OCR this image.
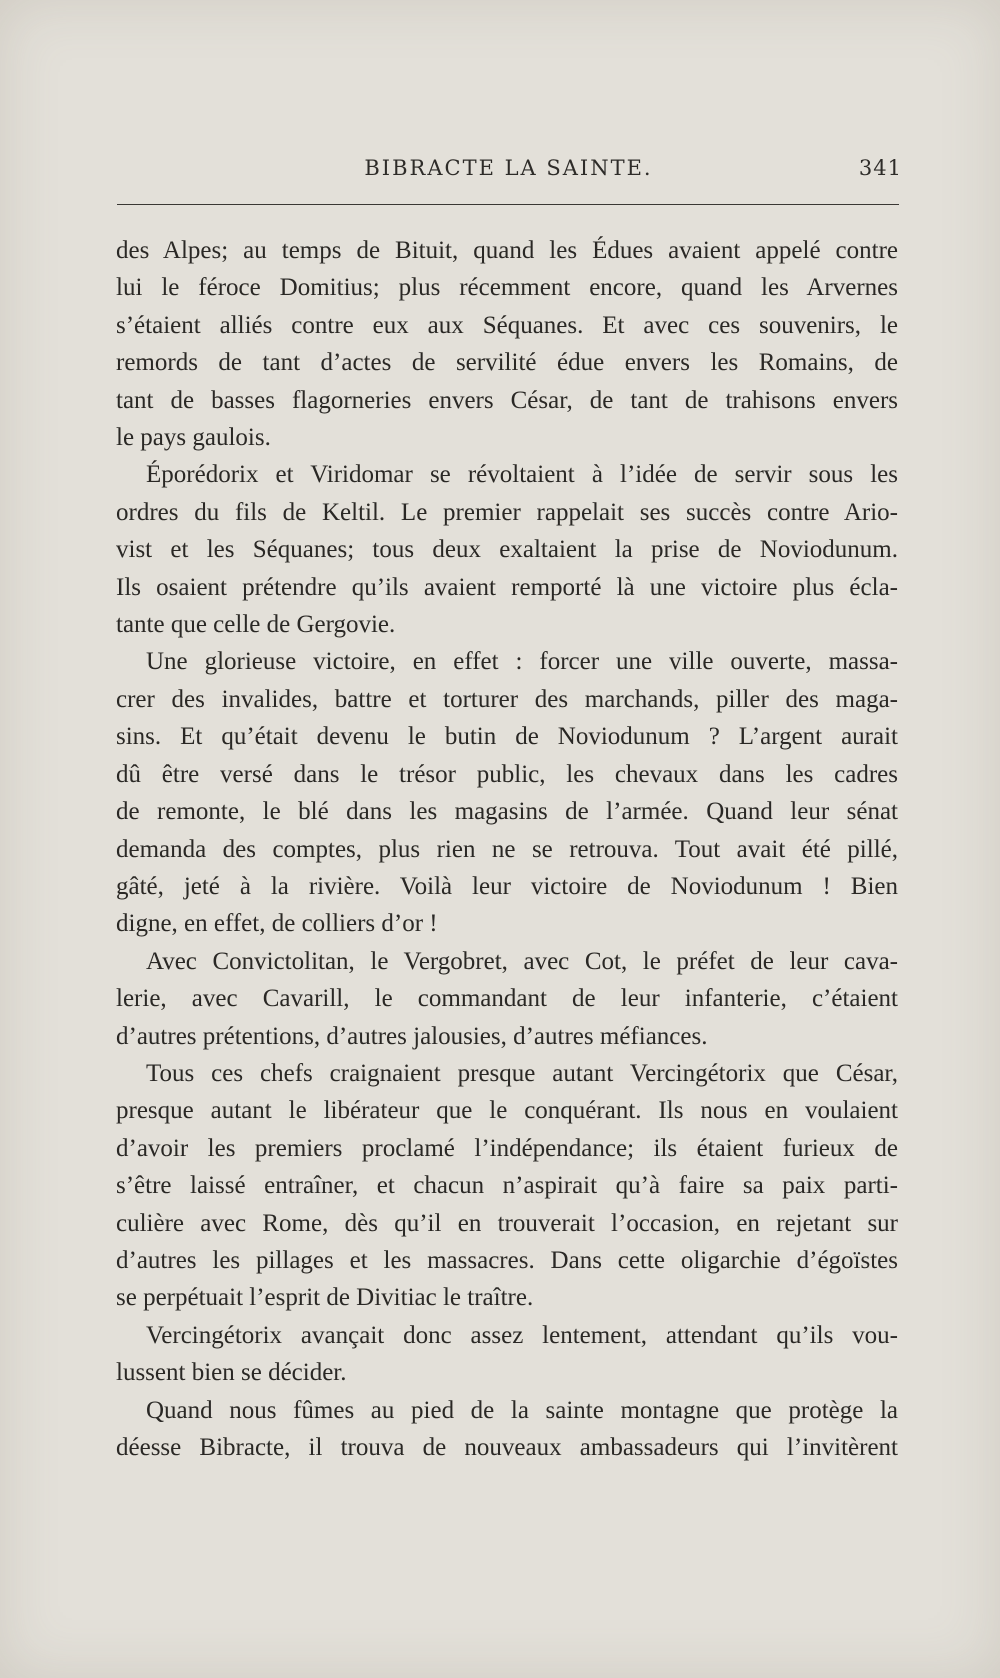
BIBRACTE LA SAINTE.	341

des Alpes; au temps de Bituit, quand les Édues avaient appelé contre
lui le féroce Domitius; plus récemment encore, quand les Arvernes
s’étaient alliés contre eux aux Séquanes. Et avec ces souvenirs, le
remords de tant d’actes de servilité édue envers les Romains, de
tant de basses flagorneries envers César, de tant de trahisons envers
le pays gaulois.
Éporédorix et Viridomar se révoltaient à l’idée de servir sous les
ordres du fils de Keltil. Le premier rappelait ses succès contre Ario-
vist et les Séquanes; tous deux exaltaient la prise de Noviodunum.
Ils osaient prétendre qu’ils avaient remporté là une victoire plus écla-
tante que celle de Gergovie.
Une glorieuse victoire, en effet : forcer une ville ouverte, massa-
crer des invalides, battre et torturer des marchands, piller des maga-
sins. Et qu’était devenu le butin de Noviodunum ? L’argent aurait
dû être versé dans le trésor public, les chevaux dans les cadres
de remonte, le blé dans les magasins de l’armée. Quand leur sénat
demanda des comptes, plus rien ne se retrouva. Tout avait été pillé,
gâté, jeté à la rivière. Voilà leur victoire de Noviodunum ! Bien
digne, en effet, de colliers d’or !
Avec Convictolitan, le Vergobret, avec Cot, le préfet de leur cava-
lerie, avec Cavarill, le commandant de leur infanterie, c’étaient
d’autres prétentions, d’autres jalousies, d’autres méfiances.
Tous ces chefs craignaient presque autant Vercingétorix que César,
presque autant le libérateur que le conquérant. Ils nous en voulaient
d’avoir les premiers proclamé l’indépendance; ils étaient furieux de
s’être laissé entraîner, et chacun n’aspirait qu’à faire sa paix parti-
culière avec Rome, dès qu’il en trouverait l’occasion, en rejetant sur
d’autres les pillages et les massacres. Dans cette oligarchie d’égoïstes
se perpétuait l’esprit de Divitiac le traître.
Vercingétorix avançait donc assez lentement, attendant qu’ils vou-
lussent bien se décider.
Quand nous fûmes au pied de la sainte montagne que protège la
déesse Bibracte, il trouva de nouveaux ambassadeurs qui l’invitèrent
